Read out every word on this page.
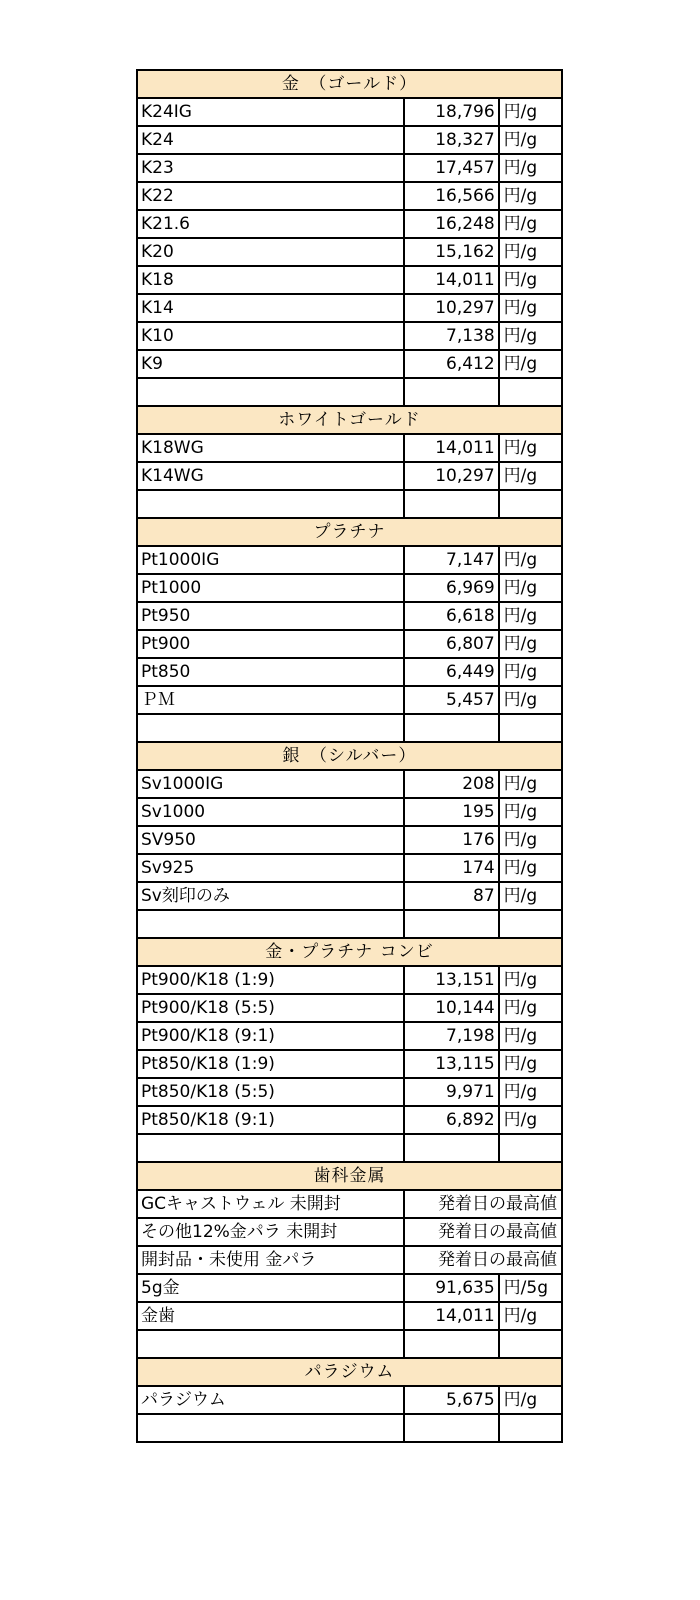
金　（ゴールド）		
K24IG	18,796	円/g
K24	18,327	円/g
K23	17,457	円/g
K22	16,566	円/g
K21.6	16,248	円/g
K20	15,162	円/g
K18	14,011	円/g
K14	10,297	円/g
K10	7,138	円/g
K9	6,412	円/g

ホワイトゴールド		
K18WG	14,011	円/g
K14WG	10,297	円/g

プラチナ		
Pt1000IG	7,147	円/g
Pt1000	6,969	円/g
Pt950	6,618	円/g
Pt900	6,807	円/g
Pt850	6,449	円/g
ＰＭ	5,457	円/g

銀　（シルバー）		
Sv1000IG	208	円/g
Sv1000	195	円/g
SV950	176	円/g
Sv925	174	円/g
Sv刻印のみ	87	円/g

金・プラチナ コンビ		
Pt900/K18 (1:9)	13,151	円/g
Pt900/K18 (5:5)	10,144	円/g
Pt900/K18 (9:1)	7,198	円/g
Pt850/K18 (1:9)	13,115	円/g
Pt850/K18 (5:5)	9,971	円/g
Pt850/K18 (9:1)	6,892	円/g

歯科金属		
GCキャストウェル 未開封	発着日の最高値	
その他12%金パラ 未開封	発着日の最高値	
開封品・未使用 金パラ	発着日の最高値	
5g金	91,635	円/5g
金歯	14,011	円/g

パラジウム		
パラジウム	5,675	円/g
